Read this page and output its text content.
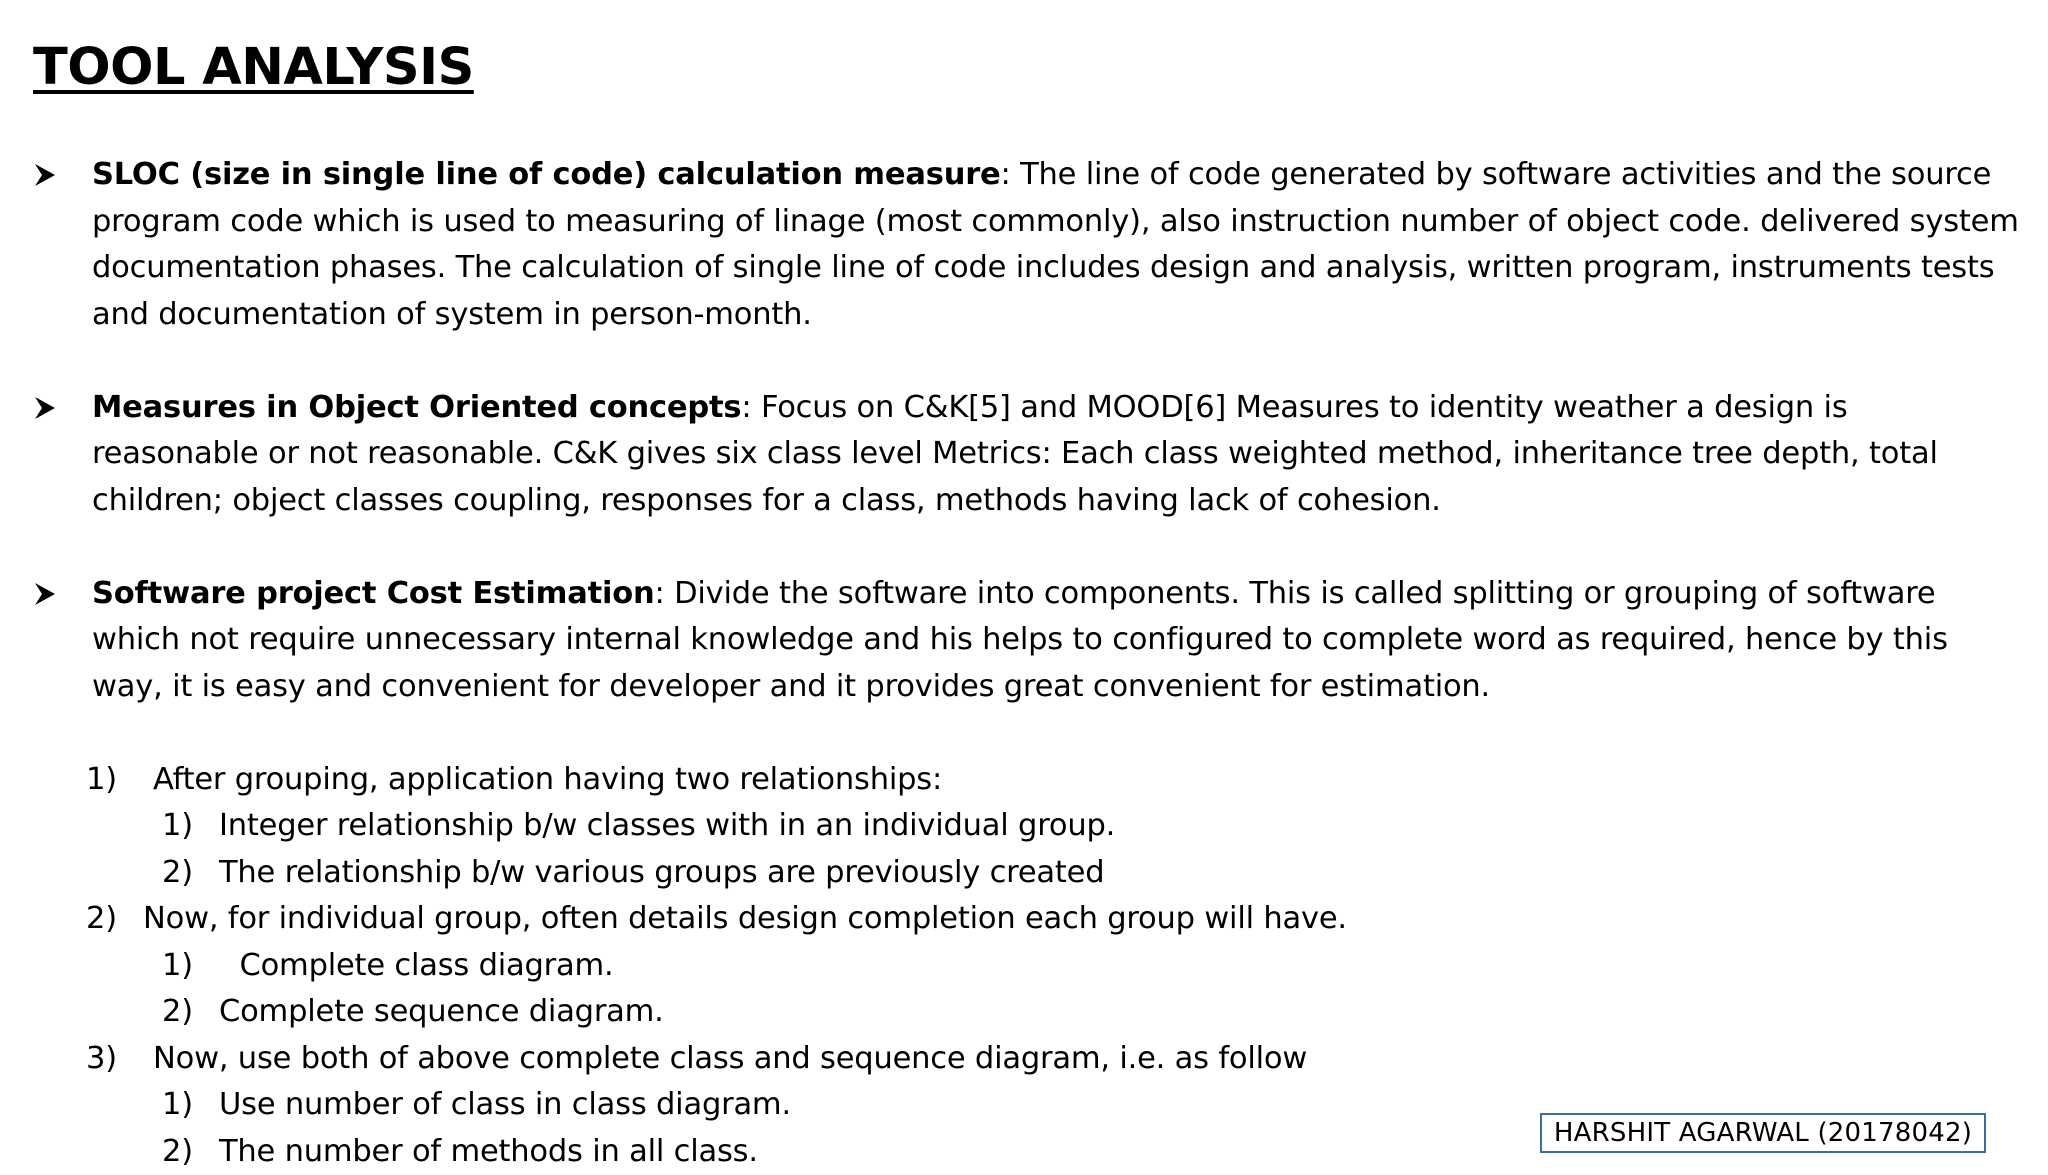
TOOL ANALYSIS
SLOC (size in single line of code) calculation measure: The line of code generated by software activities and the source program code which is used to measuring of linage (most commonly), also instruction number of object code. delivered system documentation phases. The calculation of single line of code includes design and analysis, written program, instruments tests and documentation of system in person-month.
Measures in Object Oriented concepts: Focus on C&K[5] and MOOD[6] Measures to identity weather a design is reasonable or not reasonable. C&K gives six class level Metrics: Each class weighted method, inheritance tree depth, total children; object classes coupling, responses for a class, methods having lack of cohesion.
Software project Cost Estimation: Divide the software into components. This is called splitting or grouping of software which not require unnecessary internal knowledge and his helps to configured to complete word as required, hence by this way, it is easy and convenient for developer and it provides great convenient for estimation.
1) After grouping, application having two relationships:
1) Integer relationship b/w classes with in an individual group.
2) The relationship b/w various groups are previously created
2) Now, for individual group, often details design completion each group will have.
1) Complete class diagram.
2) Complete sequence diagram.
3) Now, use both of above complete class and sequence diagram, i.e. as follow
1) Use number of class in class diagram.
2) The number of methods in all class.
HARSHIT AGARWAL (20178042)
